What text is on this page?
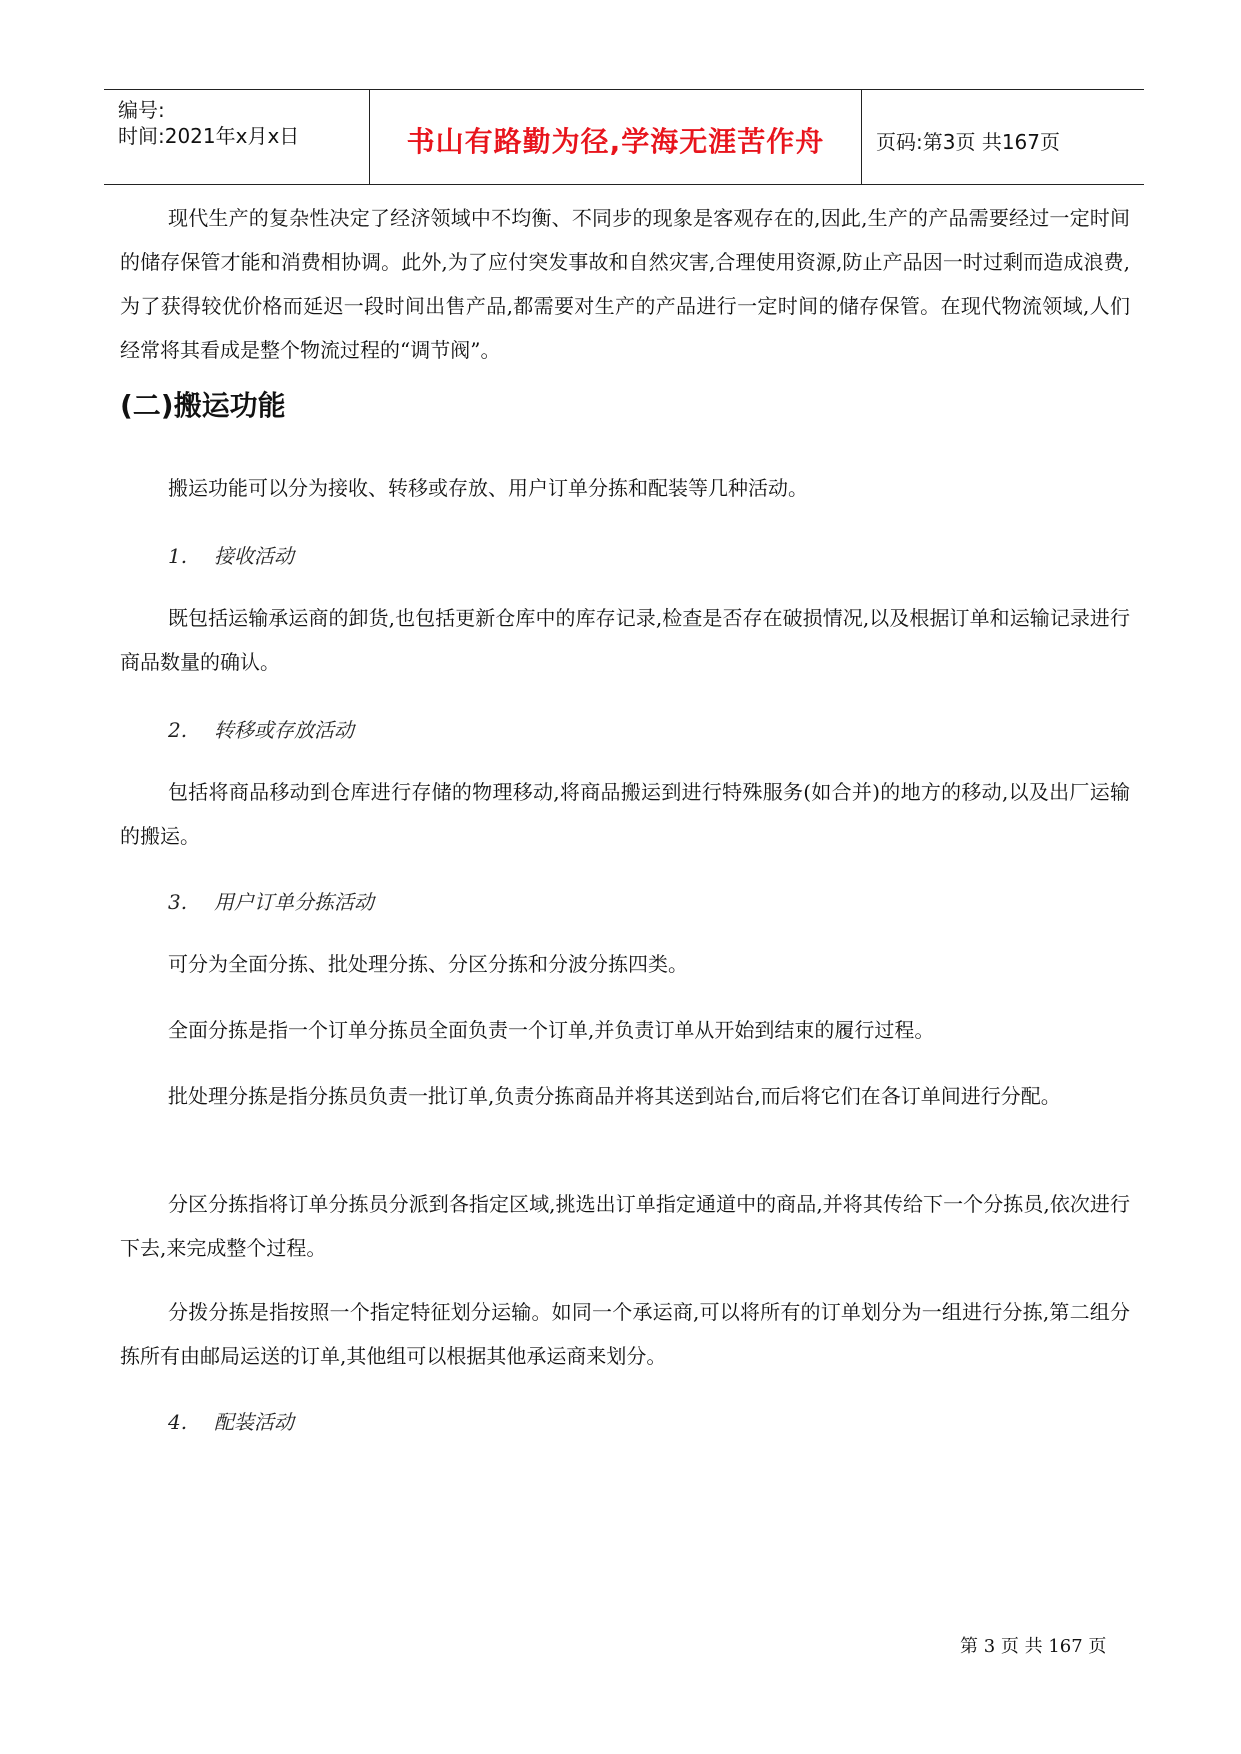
编号:
时间:2021年x月x日	书山有路勤为径,学海无涯苦作舟	页码:第3页 共167页

现代生产的复杂性决定了经济领域中不均衡、不同步的现象是客观存在的,因此,生产的产品需要经过一定时间的储存保管才能和消费相协调。此外,为了应付突发事故和自然灾害,合理使用资源,防止产品因一时过剩而造成浪费,为了获得较优价格而延迟一段时间出售产品,都需要对生产的产品进行一定时间的储存保管。在现代物流领域,人们经常将其看成是整个物流过程的“调节阀”。

(二)搬运功能

搬运功能可以分为接收、转移或存放、用户订单分拣和配装等几种活动。

1. 接收活动

既包括运输承运商的卸货,也包括更新仓库中的库存记录,检查是否存在破损情况,以及根据订单和运输记录进行商品数量的确认。

2. 转移或存放活动

包括将商品移动到仓库进行存储的物理移动,将商品搬运到进行特殊服务(如合并)的地方的移动,以及出厂运输的搬运。

3. 用户订单分拣活动

可分为全面分拣、批处理分拣、分区分拣和分波分拣四类。

全面分拣是指一个订单分拣员全面负责一个订单,并负责订单从开始到结束的履行过程。

批处理分拣是指分拣员负责一批订单,负责分拣商品并将其送到站台,而后将它们在各订单间进行分配。

分区分拣指将订单分拣员分派到各指定区域,挑选出订单指定通道中的商品,并将其传给下一个分拣员,依次进行下去,来完成整个过程。

分拨分拣是指按照一个指定特征划分运输。如同一个承运商,可以将所有的订单划分为一组进行分拣,第二组分拣所有由邮局运送的订单,其他组可以根据其他承运商来划分。

4. 配装活动
第 3 页 共 167 页
